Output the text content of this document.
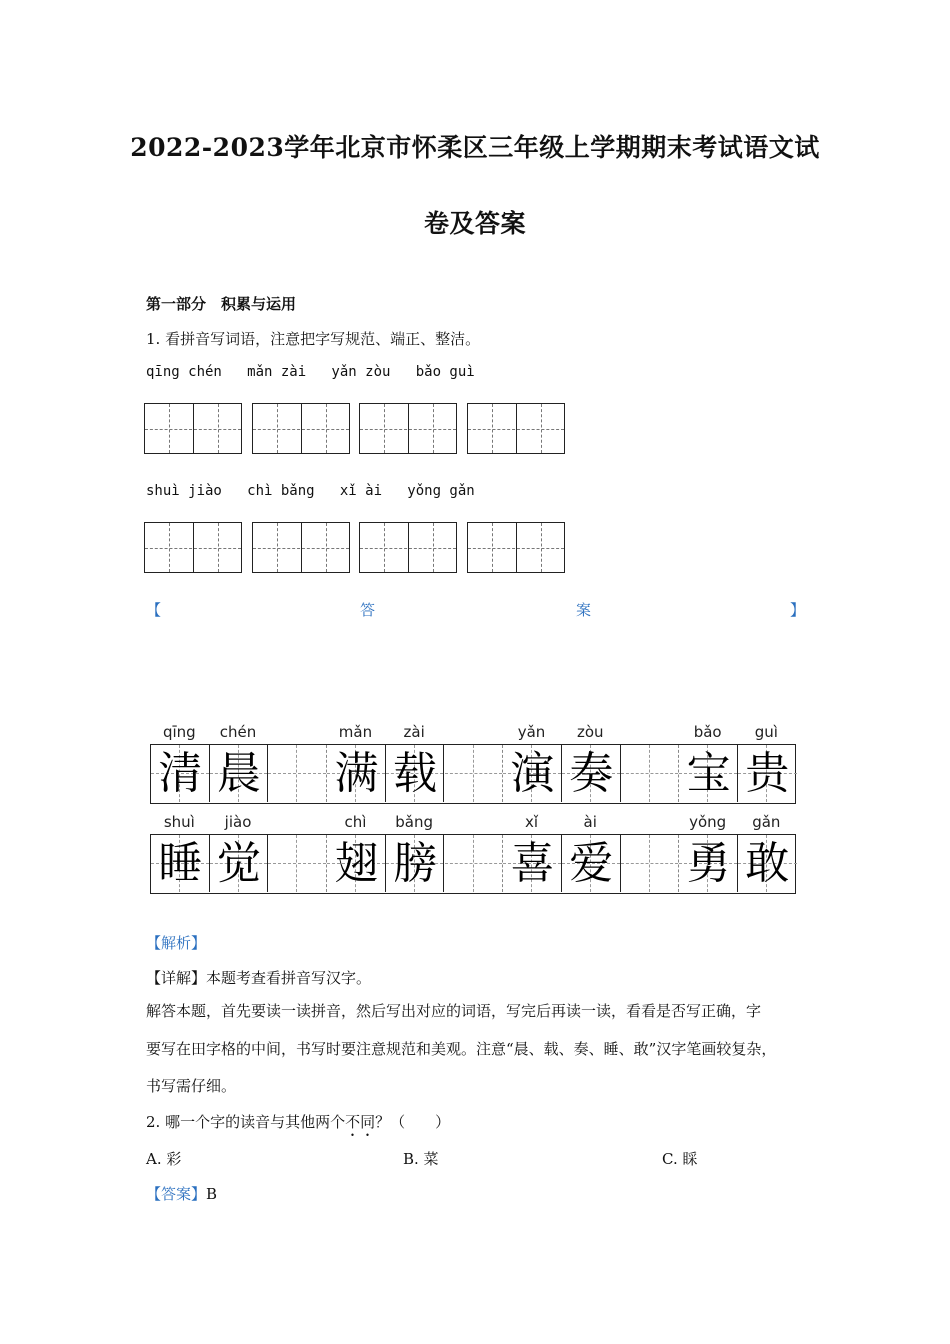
2022-2023学年北京市怀柔区三年级上学期期末考试语文试
卷及答案
第一部分　积累与运用
1. 看拼音写词语，注意把字写规范、端正、整洁。
qīng chén   mǎn zài   yǎn zòu   bǎo guì
shuì jiào   chì bǎng   xǐ ài   yǒng gǎn
【	答	案	】
qīng	chén	mǎn	zài	yǎn	zòu	bǎo	guì
清 晨 满 载 演 奏 宝 贵
shuì	jiào	chì	bǎng	xǐ	ài	yǒng	gǎn
睡 觉 翅 膀 喜 爱 勇 敢
【解析】
【详解】本题考查看拼音写汉字。
解答本题，首先要读一读拼音，然后写出对应的词语，写完后再读一读，看看是否写正确，字
要写在田字格的中间，书写时要注意规范和美观。注意“晨、载、奏、睡、敢”汉字笔画较复杂，
书写需仔细。
2. 哪一个字的读音与其他两个不同？（　　）
A. 彩	B. 菜	C. 睬
【答案】B
